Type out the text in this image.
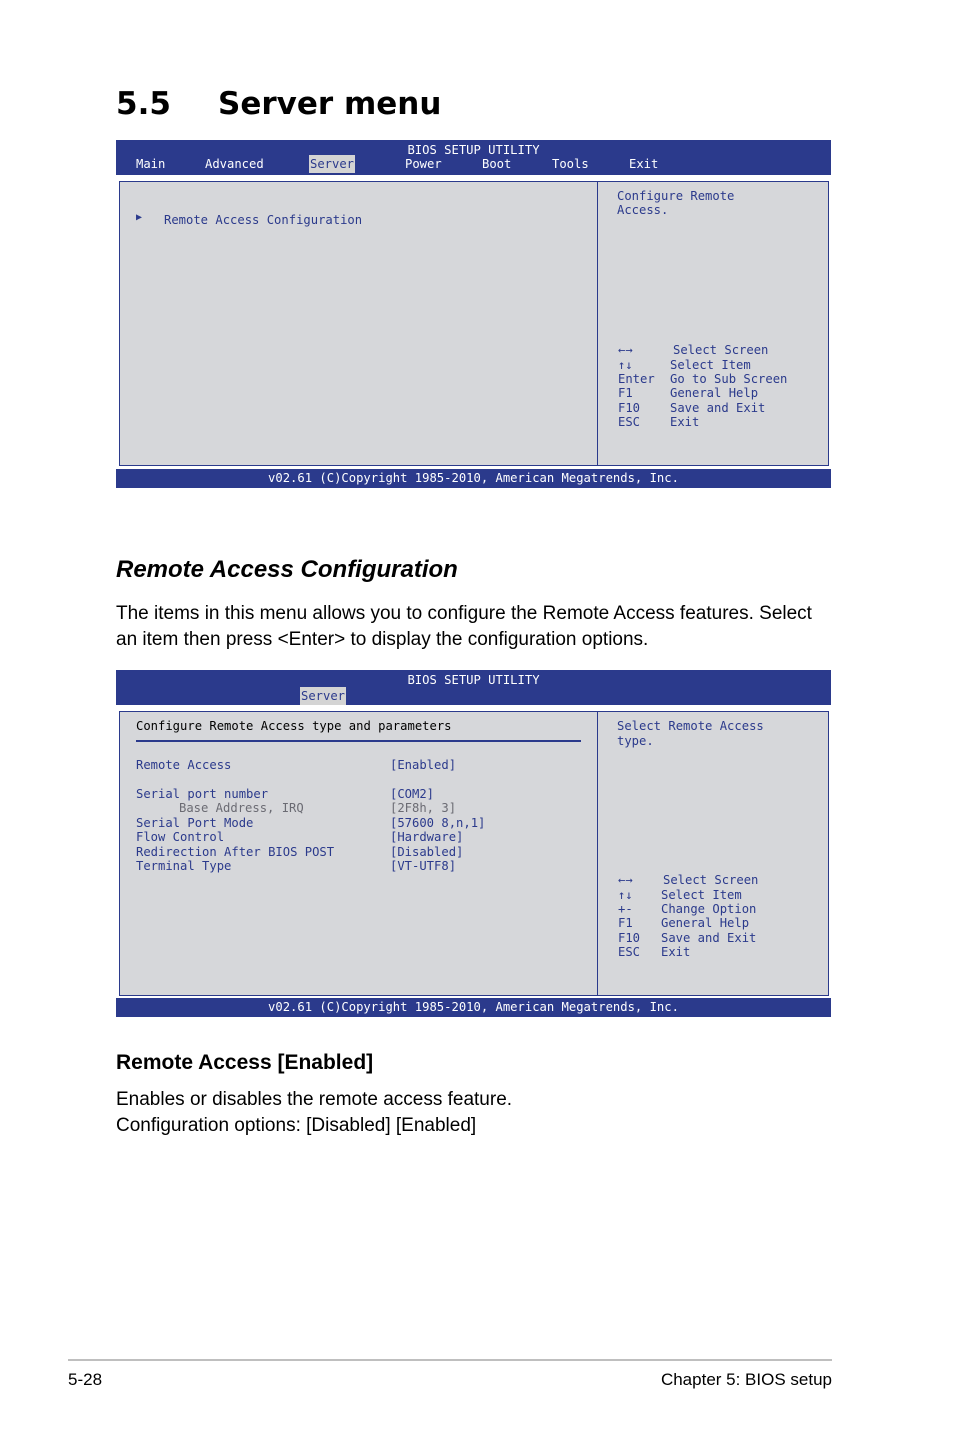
5.5 Server menu
BIOS SETUP UTILITY
Main	Advanced	Server	Power	Boot	Tools	Exit
▶ Remote Access Configuration
Configure Remote
Access.
←→	Select Screen
↑↓	Select Item
Enter Go to Sub Screen
F1	General Help
F10 Save and Exit
ESC Exit
v02.61 (C)Copyright 1985-2010, American Megatrends, Inc.
Remote Access Configuration

The items in this menu allows you to configure the Remote Access features. Select

an item then press <Enter> to display the configuration options.

BIOS SETUP UTILITY
Server
Configure Remote Access type and parameters
Remote Access	[Enabled]
Serial port number	[COM2]
Base Address, IRQ	[2F8h, 3]
Serial Port Mode	[57600 8,n,1]
Flow Control	[Hardware]
Redirection After BIOS POST	[Disabled]
Terminal Type	[VT-UTF8]
Select Remote Access
type.
←→ Select Screen
↑↓ Select Item
+- Change Option
F1 General Help
F10 Save and Exit
ESC Exit
v02.61 (C)Copyright 1985-2010, American Megatrends, Inc.
Remote Access [Enabled]

Enables or disables the remote access feature.

Configuration options: [Disabled] [Enabled]

5-28	Chapter 5: BIOS setup
